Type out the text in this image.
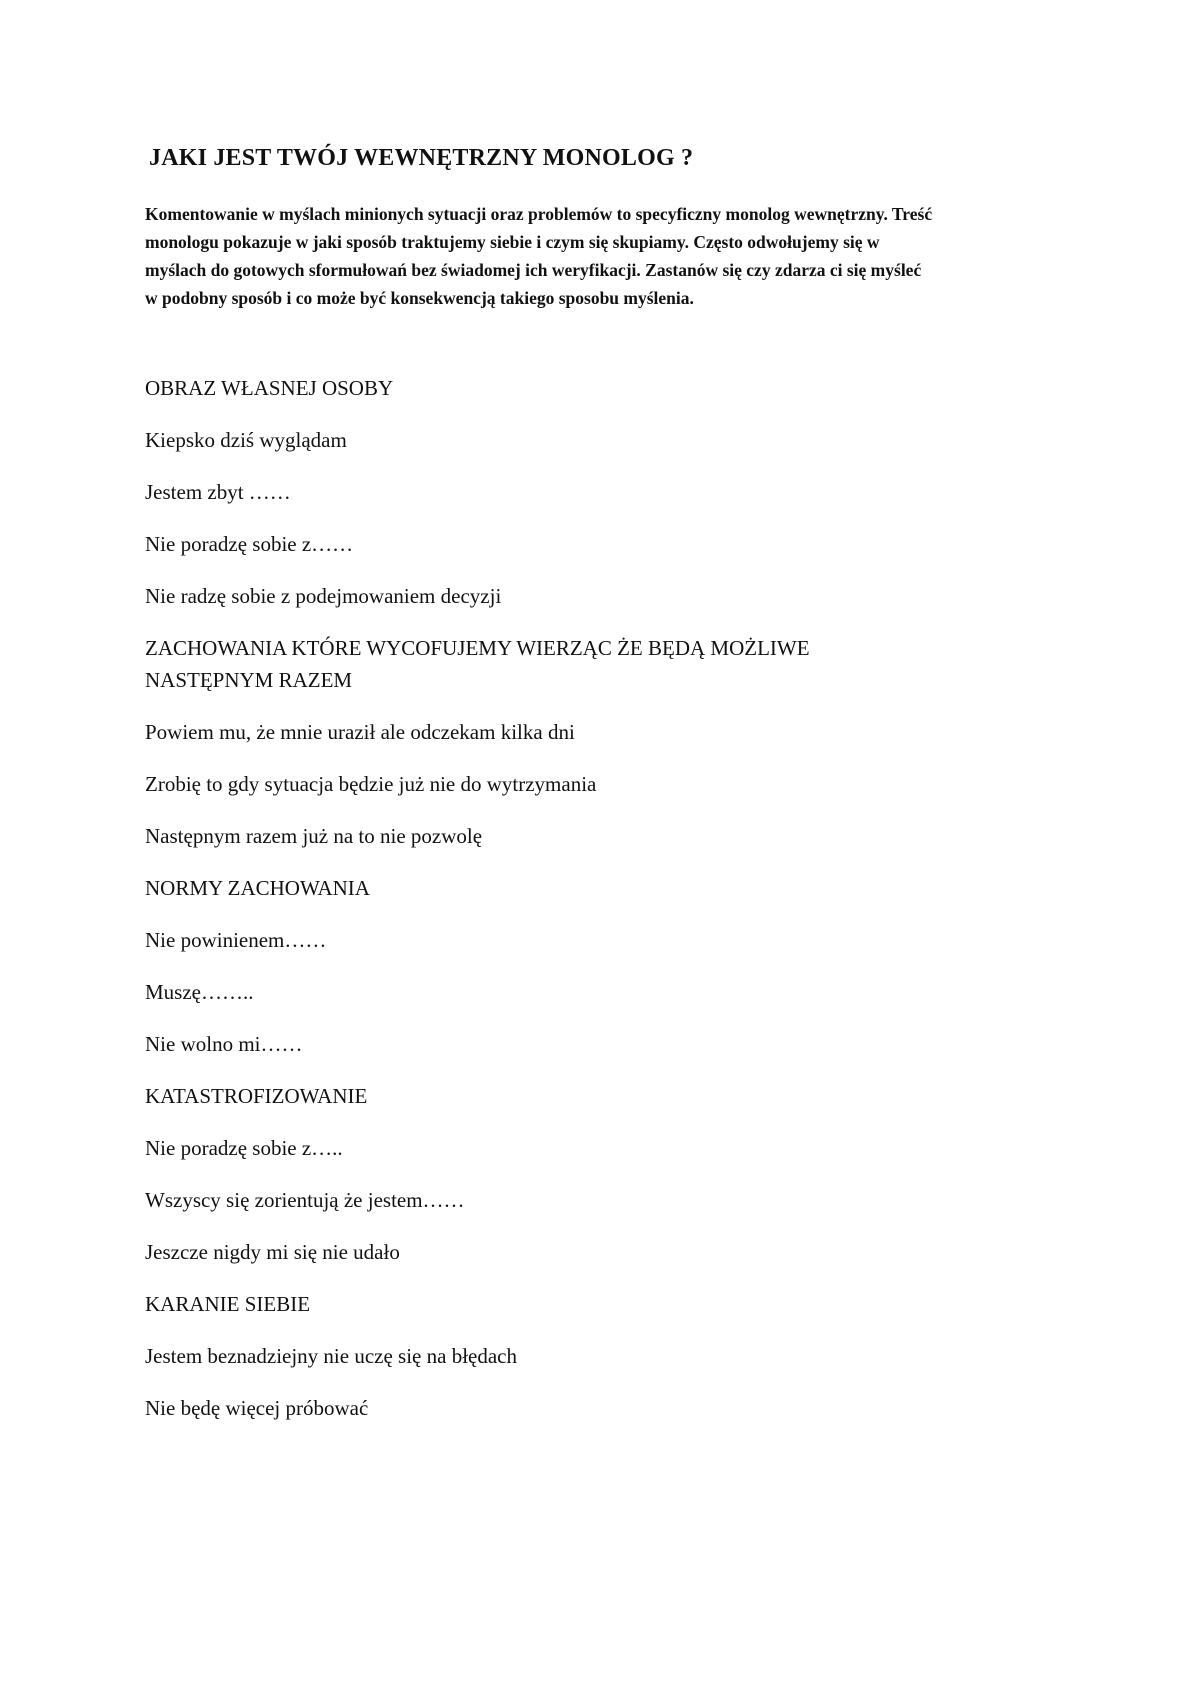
JAKI JEST TWÓJ WEWNĘTRZNY MONOLOG ?
Komentowanie w myślach minionych sytuacji oraz problemów to specyficzny monolog wewnętrzny. Treść
monologu pokazuje w jaki sposób traktujemy siebie i czym się skupiamy. Często odwołujemy się w
myślach do gotowych sformułowań bez świadomej ich weryfikacji. Zastanów się czy zdarza ci się myśleć
w podobny sposób i co może być konsekwencją takiego sposobu myślenia.
OBRAZ WŁASNEJ OSOBY
Kiepsko dziś wyglądam
Jestem zbyt ……
Nie poradzę sobie z……
Nie radzę sobie z podejmowaniem decyzji
ZACHOWANIA KTÓRE WYCOFUJEMY WIERZĄC ŻE BĘDĄ MOŻLIWE
NASTĘPNYM RAZEM
Powiem mu, że mnie uraził ale odczekam kilka dni
Zrobię to gdy sytuacja będzie już nie do wytrzymania
Następnym razem już na to nie pozwolę
NORMY ZACHOWANIA
Nie powinienem……
Muszę……..
Nie wolno mi……
KATASTROFIZOWANIE
Nie poradzę sobie z…..
Wszyscy się zorientują że jestem……
Jeszcze nigdy mi się nie udało
KARANIE SIEBIE
Jestem beznadziejny nie uczę się na błędach
Nie będę więcej próbować
